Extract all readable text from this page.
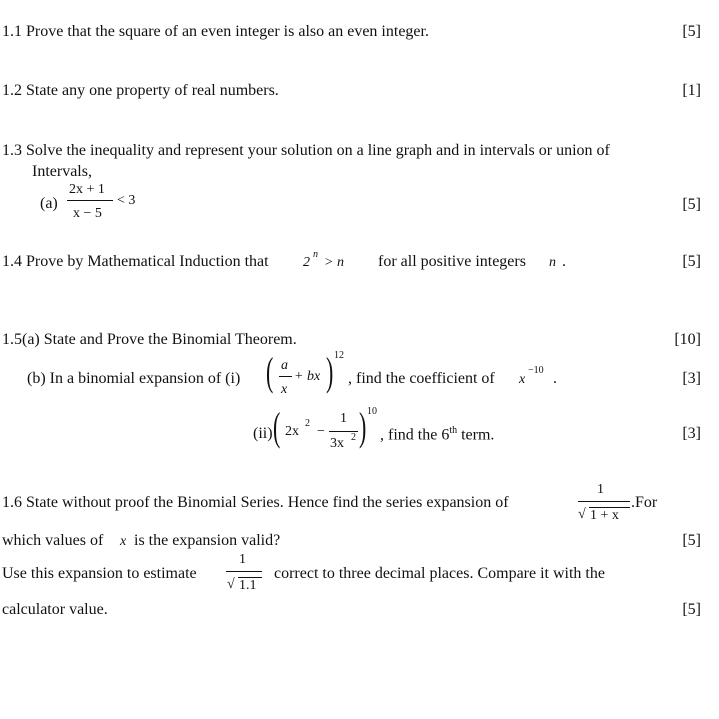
1.1 Prove that the square of an even integer is also an even integer.	[5]
1.2 State any one property of real numbers.	[1]
1.3 Solve the inequality and represent your solution on a line graph and in intervals or union of
Intervals,
(a)
2x + 1
x − 5
< 3	[5]
1.4 Prove by Mathematical Induction that 2
n
> n for all positive integers n .	[5]
1.5(a) State and Prove the Binomial Theorem.	[10]
(b) In a binomial expansion of (i) ( a
x
+ bx ) 12
, find the coefficient of x
−10 .	[3]
(ii) ( 2x
2
−
1
3x 2 ) 10
, find the 6th term.	[3]
1.6 State without proof the Binomial Series. Hence find the series expansion of
1
√ 1 + x
.For
which values of x is the expansion valid?	[5]
Use this expansion to estimate
1
√ 1.1
correct to three decimal places. Compare it with the
calculator value.	[5]
